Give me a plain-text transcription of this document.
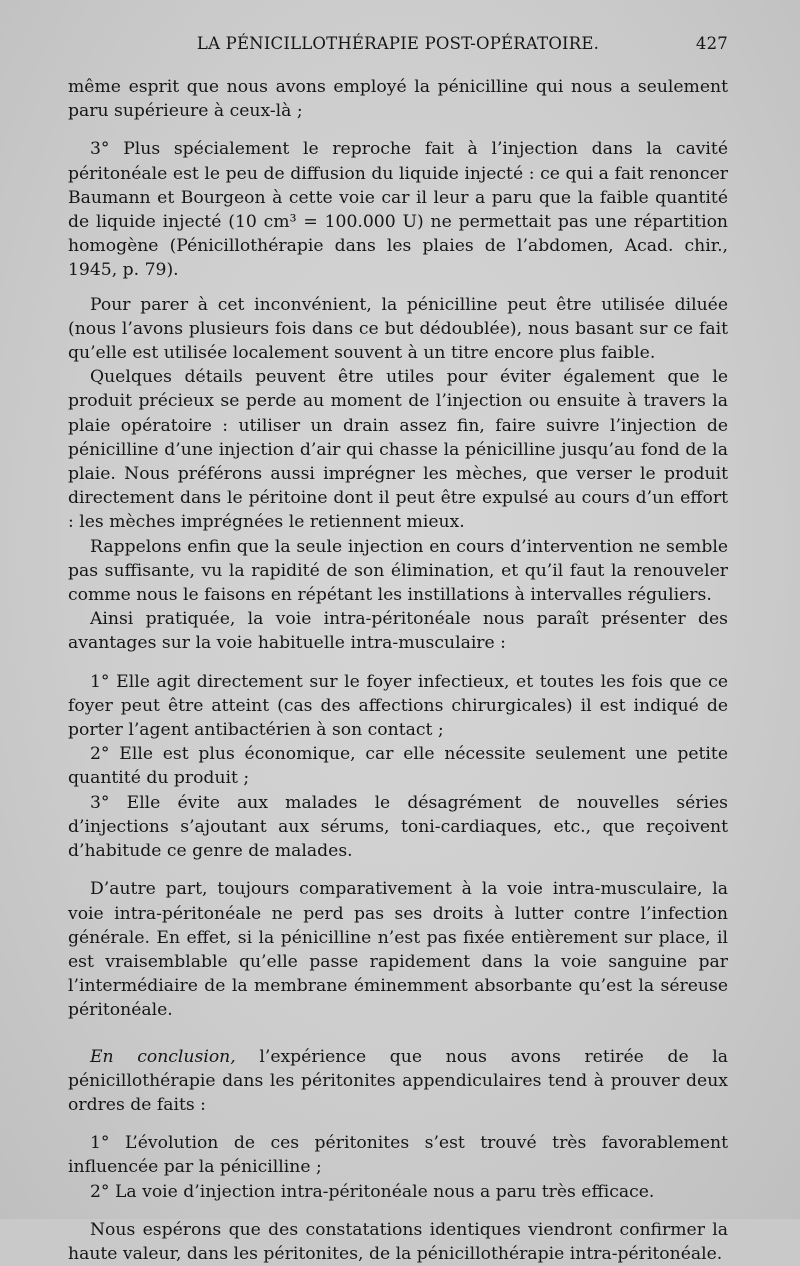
LA PÉNICILLOTHÉRAPIE POST-OPÉRATOIRE.	427

même esprit que nous avons employé la pénicilline qui nous a seulement paru supérieure à ceux-là ;

3° Plus spécialement le reproche fait à l’injection dans la cavité péritonéale est le peu de diffusion du liquide injecté : ce qui a fait renoncer Baumann et Bourgeon à cette voie car il leur a paru que la faible quantité de liquide injecté (10 cm³ = 100.000 U) ne permettait pas une répartition homogène (Pénicillothérapie dans les plaies de l’abdomen, Acad. chir., 1945, p. 79).

Pour parer à cet inconvénient, la pénicilline peut être utilisée diluée (nous l’avons plusieurs fois dans ce but dédoublée), nous basant sur ce fait qu’elle est utilisée localement souvent à un titre encore plus faible.

Quelques détails peuvent être utiles pour éviter également que le produit précieux se perde au moment de l’injection ou ensuite à travers la plaie opératoire : utiliser un drain assez fin, faire suivre l’injection de pénicilline d’une injection d’air qui chasse la pénicilline jusqu’au fond de la plaie. Nous préférons aussi imprégner les mèches, que verser le produit directement dans le péritoine dont il peut être expulsé au cours d’un effort : les mèches imprégnées le retiennent mieux.

Rappelons enfin que la seule injection en cours d’intervention ne semble pas suffisante, vu la rapidité de son élimination, et qu’il faut la renouveler comme nous le faisons en répétant les instillations à intervalles réguliers.

Ainsi pratiquée, la voie intra-péritonéale nous paraît présenter des avantages sur la voie habituelle intra-musculaire :

1° Elle agit directement sur le foyer infectieux, et toutes les fois que ce foyer peut être atteint (cas des affections chirurgicales) il est indiqué de porter l’agent antibactérien à son contact ;

2° Elle est plus économique, car elle nécessite seulement une petite quantité du produit ;

3° Elle évite aux malades le désagrément de nouvelles séries d’injections s’ajoutant aux sérums, toni-cardiaques, etc., que reçoivent d’habitude ce genre de malades.

D’autre part, toujours comparativement à la voie intra-musculaire, la voie intra-péritonéale ne perd pas ses droits à lutter contre l’infection générale. En effet, si la pénicilline n’est pas fixée entièrement sur place, il est vraisemblable qu’elle passe rapidement dans la voie sanguine par l’intermédiaire de la membrane éminemment absorbante qu’est la séreuse péritonéale.

En conclusion, l’expérience que nous avons retirée de la pénicillothérapie dans les péritonites appendiculaires tend à prouver deux ordres de faits :

1° L’évolution de ces péritonites s’est trouvé très favorablement influencée par la pénicilline ;

2° La voie d’injection intra-péritonéale nous a paru très efficace.

Nous espérons que des constatations identiques viendront confirmer la haute valeur, dans les péritonites, de la pénicillothérapie intra-péritonéale.
